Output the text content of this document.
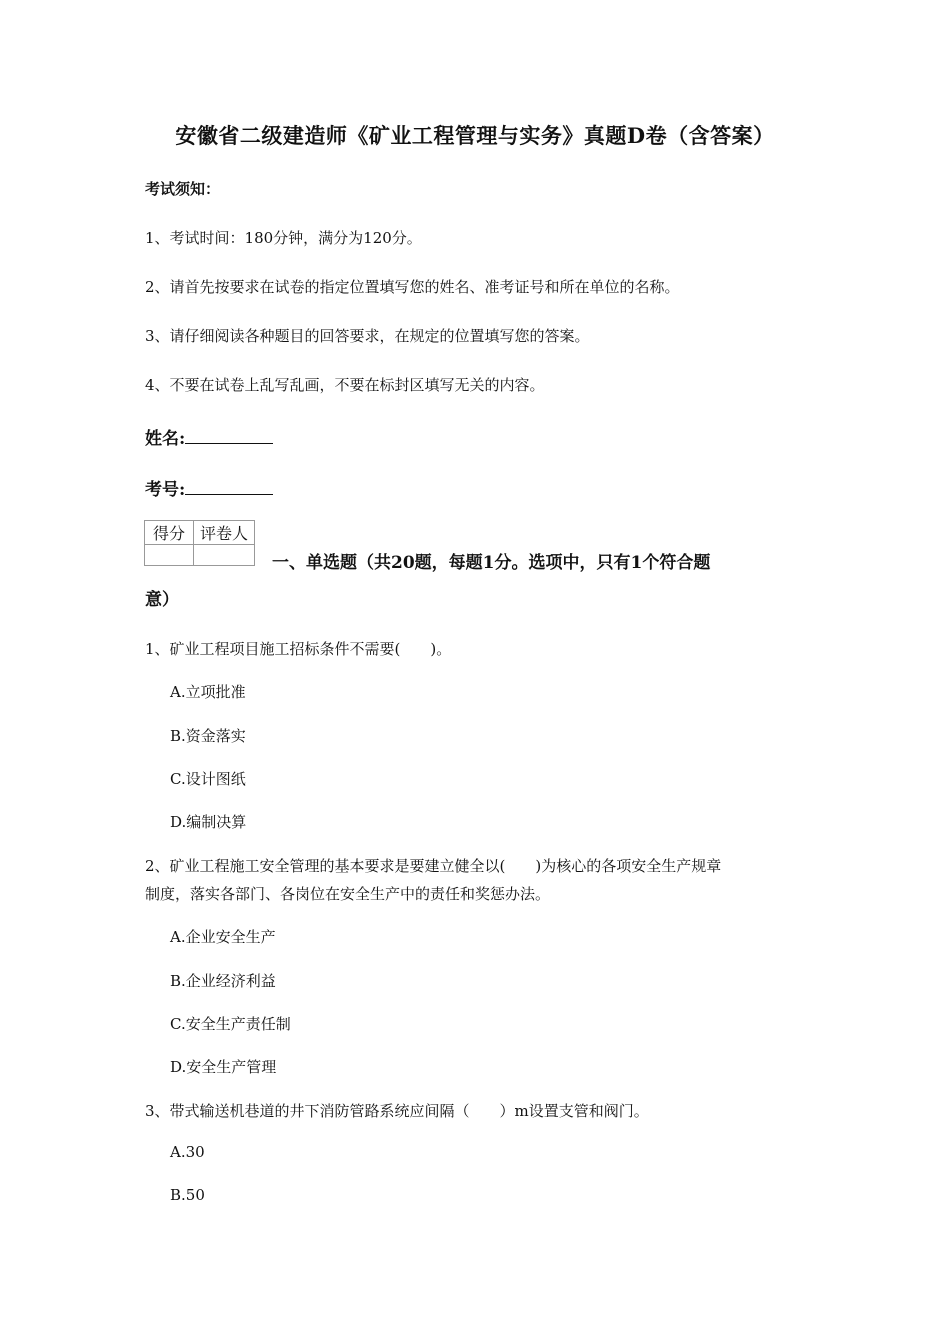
安徽省二级建造师《矿业工程管理与实务》真题D卷（含答案）
考试须知：
1、考试时间：180分钟，满分为120分。
2、请首先按要求在试卷的指定位置填写您的姓名、准考证号和所在单位的名称。
3、请仔细阅读各种题目的回答要求，在规定的位置填写您的答案。
4、不要在试卷上乱写乱画，不要在标封区填写无关的内容。
姓名:
考号:
得分	评卷人

一、单选题（共20题，每题1分。选项中，只有1个符合题
意）
1、矿业工程项目施工招标条件不需要(　　)。
A.立项批准
B.资金落实
C.设计图纸
D.编制决算
2、矿业工程施工安全管理的基本要求是要建立健全以(　　)为核心的各项安全生产规章
制度，落实各部门、各岗位在安全生产中的责任和奖惩办法。
A.企业安全生产
B.企业经济利益
C.安全生产责任制
D.安全生产管理
3、带式输送机巷道的井下消防管路系统应间隔（　　）m设置支管和阀门。
A.30
B.50
